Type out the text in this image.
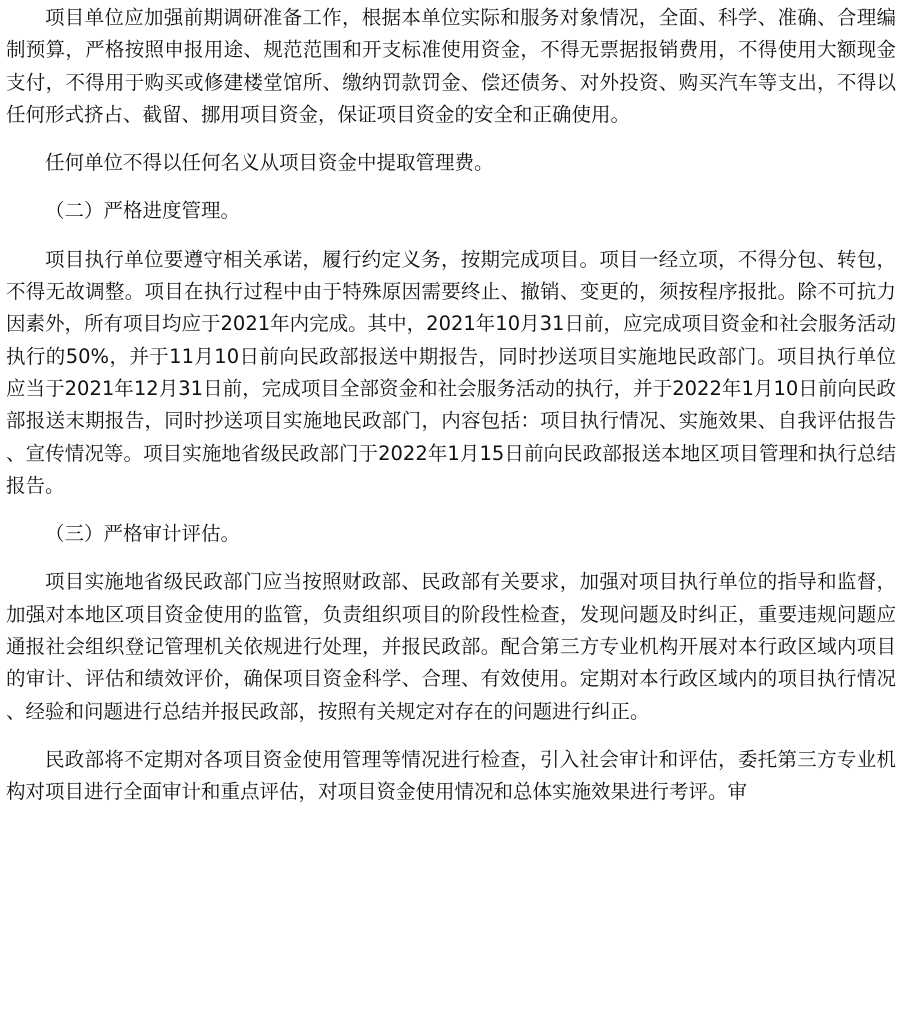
项目单位应加强前期调研准备工作，根据本单位实际和服务对象情况，全面、科学、准确、合理编制预算，严格按照申报用途、规范范围和开支标准使用资金，不得无票据报销费用，不得使用大额现金支付，不得用于购买或修建楼堂馆所、缴纳罚款罚金、偿还债务、对外投资、购买汽车等支出，不得以任何形式挤占、截留、挪用项目资金，保证项目资金的安全和正确使用。

任何单位不得以任何名义从项目资金中提取管理费。

（二）严格进度管理。

项目执行单位要遵守相关承诺，履行约定义务，按期完成项目。项目一经立项，不得分包、转包，不得无故调整。项目在执行过程中由于特殊原因需要终止、撤销、变更的，须按程序报批。除不可抗力因素外，所有项目均应于2021年内完成。其中，2021年10月31日前，应完成项目资金和社会服务活动执行的50%，并于11月10日前向民政部报送中期报告，同时抄送项目实施地民政部门。项目执行单位应当于2021年12月31日前，完成项目全部资金和社会服务活动的执行，并于2022年1月10日前向民政部报送末期报告，同时抄送项目实施地民政部门，内容包括：项目执行情况、实施效果、自我评估报告、宣传情况等。项目实施地省级民政部门于2022年1月15日前向民政部报送本地区项目管理和执行总结报告。

（三）严格审计评估。

项目实施地省级民政部门应当按照财政部、民政部有关要求，加强对项目执行单位的指导和监督，加强对本地区项目资金使用的监管，负责组织项目的阶段性检查，发现问题及时纠正，重要违规问题应通报社会组织登记管理机关依规进行处理，并报民政部。配合第三方专业机构开展对本行政区域内项目的审计、评估和绩效评价，确保项目资金科学、合理、有效使用。定期对本行政区域内的项目执行情况、经验和问题进行总结并报民政部，按照有关规定对存在的问题进行纠正。

民政部将不定期对各项目资金使用管理等情况进行检查，引入社会审计和评估，委托第三方专业机构对项目进行全面审计和重点评估，对项目资金使用情况和总体实施效果进行考评。审
